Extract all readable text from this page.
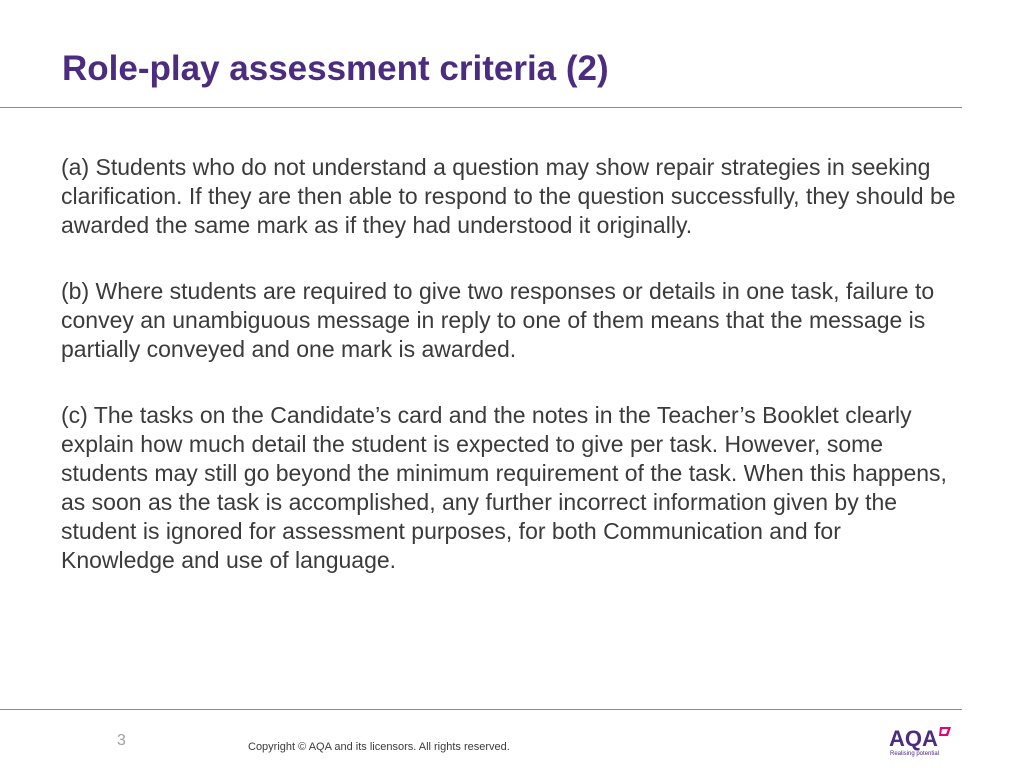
Role-play assessment criteria (2)

(a) Students who do not understand a question may show repair strategies in seeking clarification. If they are then able to respond to the question successfully, they should be awarded the same mark as if they had understood it originally.

(b) Where students are required to give two responses or details in one task, failure to convey an unambiguous message in reply to one of them means that the message is partially conveyed and one mark is awarded.

(c) The tasks on the Candidate’s card and the notes in the Teacher’s Booklet clearly explain how much detail the student is expected to give per task. However, some students may still go beyond the minimum requirement of the task. When this happens, as soon as the task is accomplished, any further incorrect information given by the student is ignored for assessment purposes, for both Communication and for Knowledge and use of language.

3	Copyright © AQA and its licensors. All rights reserved.	AQA
Realising potential
